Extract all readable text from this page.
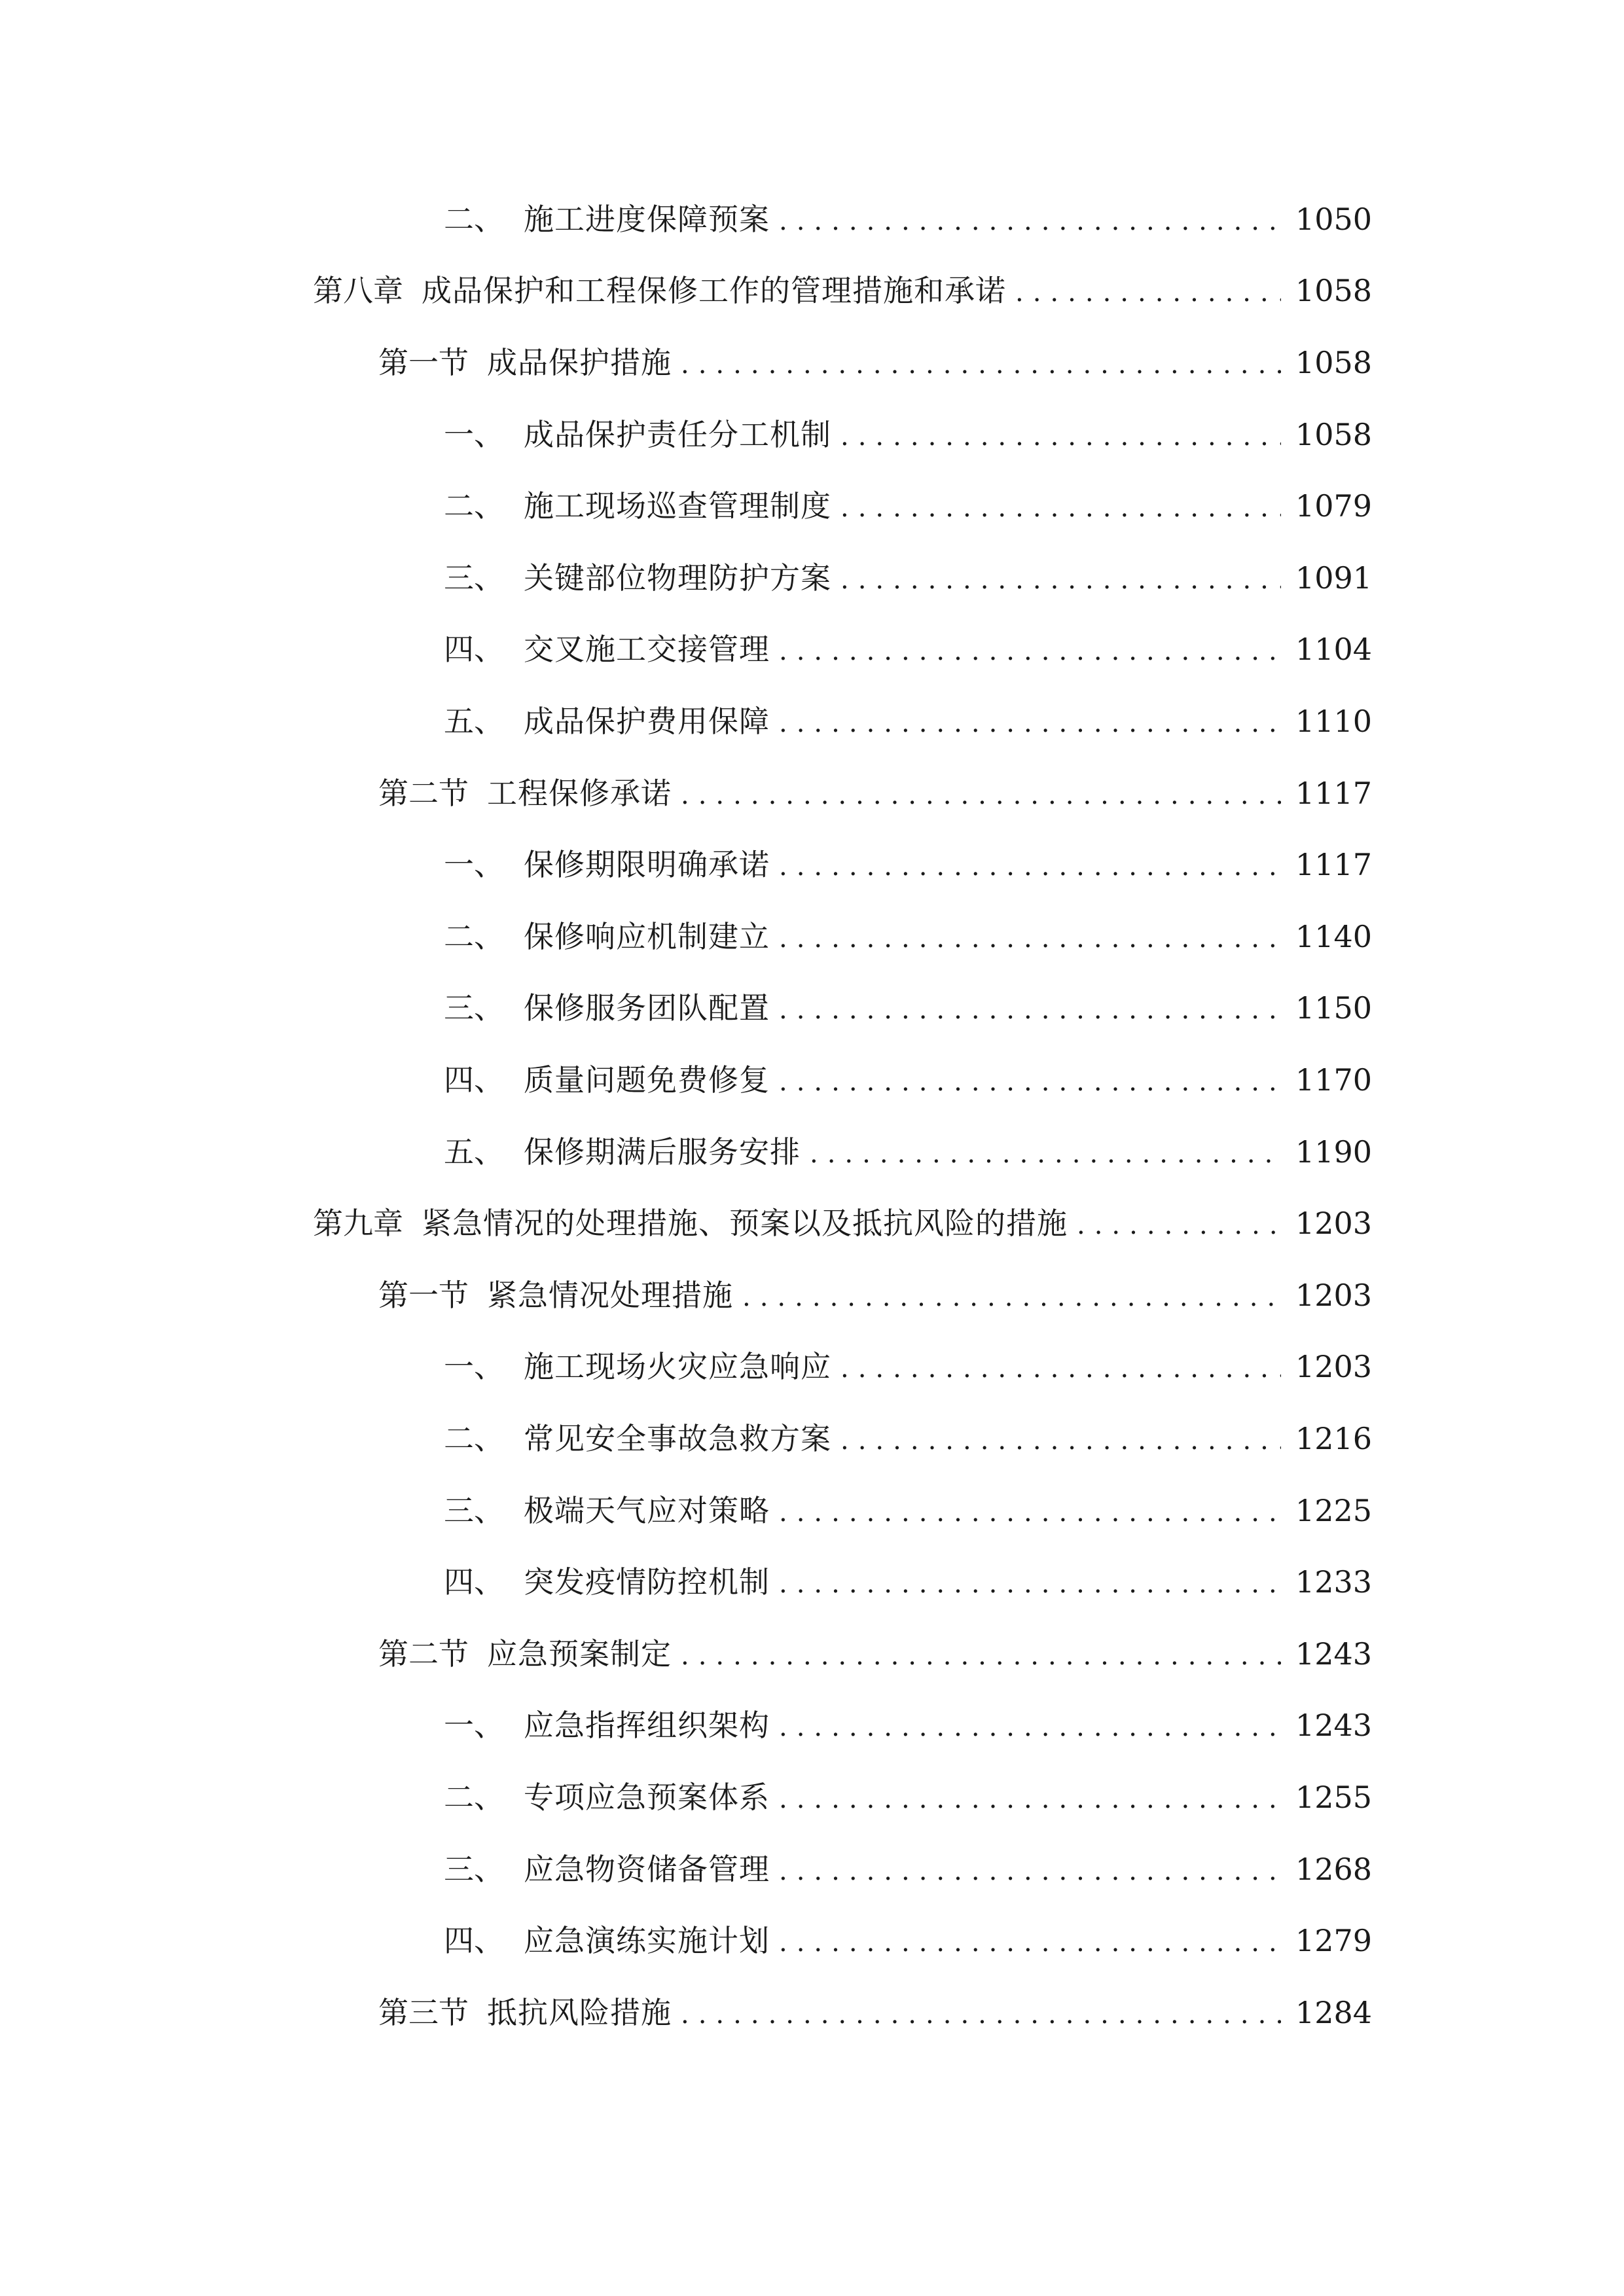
二、 施工进度保障预案 .....	1050
第八章 成品保护和工程保修工作的管理措施和承诺 .....	1058
第一节 成品保护措施 .....	1058
一、 成品保护责任分工机制 .....	1058
二、 施工现场巡查管理制度 .....	1079
三、 关键部位物理防护方案 .....	1091
四、 交叉施工交接管理 .....	1104
五、 成品保护费用保障 .....	1110
第二节 工程保修承诺 .....	1117
一、 保修期限明确承诺 .....	1117
二、 保修响应机制建立 .....	1140
三、 保修服务团队配置 .....	1150
四、 质量问题免费修复 .....	1170
五、 保修期满后服务安排 .....	1190
第九章 紧急情况的处理措施、预案以及抵抗风险的措施 .....	1203
第一节 紧急情况处理措施 .....	1203
一、 施工现场火灾应急响应 .....	1203
二、 常见安全事故急救方案 .....	1216
三、 极端天气应对策略 .....	1225
四、 突发疫情防控机制 .....	1233
第二节 应急预案制定 .....	1243
一、 应急指挥组织架构 .....	1243
二、 专项应急预案体系 .....	1255
三、 应急物资储备管理 .....	1268
四、 应急演练实施计划 .....	1279
第三节 抵抗风险措施 .....	1284
